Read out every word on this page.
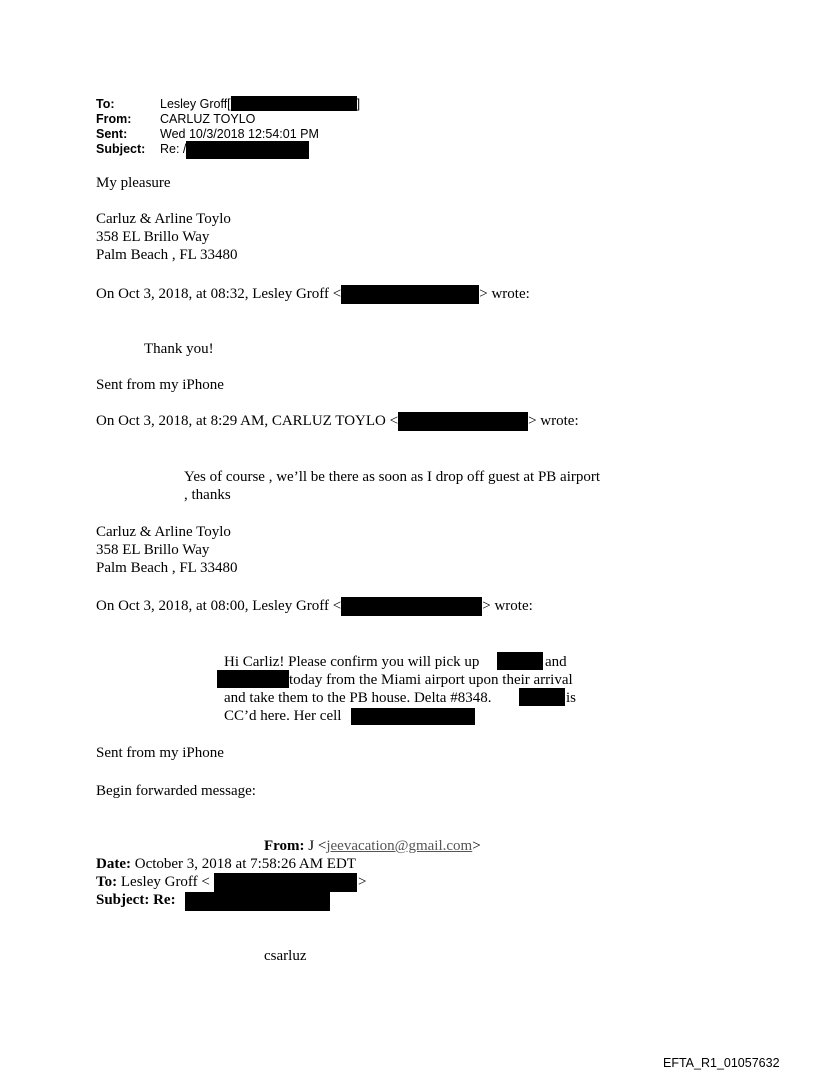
To:	Lesley Groff[	]
From: CARLUZ TOYLO
Sent:	Wed 10/3/2018 12:54:01 PM
Subject: Re: /
My pleasure
Carluz & Arline Toylo
358 EL Brillo Way
Palm Beach , FL 33480
On Oct 3, 2018, at 08:32, Lesley Groff <	> wrote:
Thank you!
Sent from my iPhone
On Oct 3, 2018, at 8:29 AM, CARLUZ TOYLO <	> wrote:
Yes of course , we’ll be there as soon as I drop off guest at PB airport
, thanks
Carluz & Arline Toylo
358 EL Brillo Way
Palm Beach , FL 33480
On Oct 3, 2018, at 08:00, Lesley Groff <	> wrote:
Hi Carliz! Please confirm you will pick up	and
today from the Miami airport upon their arrival
and take them to the PB house. Delta #8348.	is
CC’d here. Her cell
Sent from my iPhone
Begin forwarded message:
From: J <jeevacation@gmail.com>
Date: October 3, 2018 at 7:58:26 AM EDT
To: Lesley Groff <	>
Subject: Re:
csarluz
EFTA_R1_01057632
